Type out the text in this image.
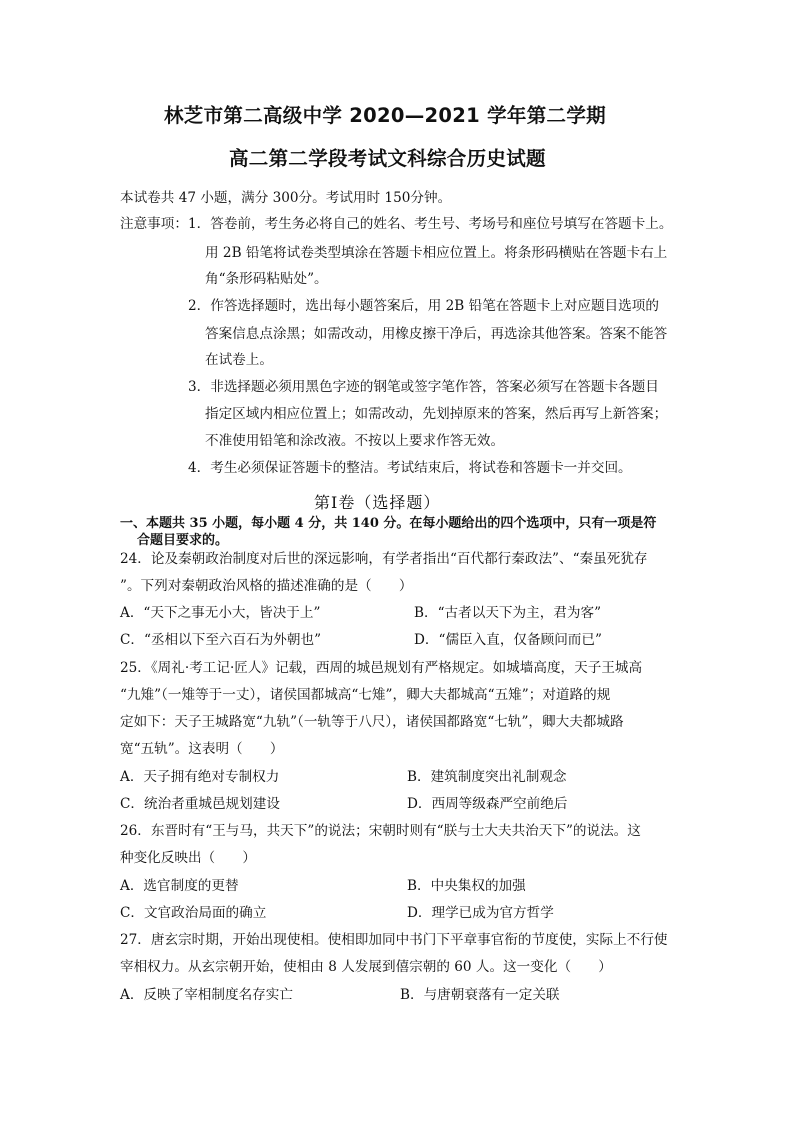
林芝市第二高级中学 2020—2021 学年第二学期
高二第二学段考试文科综合历史试题
本试卷共 47 小题，满分 300分。考试用时 150分钟。
注意事项： 1．答卷前，考生务必将自己的姓名、考生号、考场号和座位号填写在答题卡上。
用 2B 铅笔将试卷类型填涂在答题卡相应位置上。将条形码横贴在答题卡右上
角“条形码粘贴处”。
2．作答选择题时，选出每小题答案后，用 2B 铅笔在答题卡上对应题目选项的
答案信息点涂黑；如需改动，用橡皮擦干净后，再选涂其他答案。答案不能答
在试卷上。
3．非选择题必须用黑色字迹的钢笔或签字笔作答，答案必须写在答题卡各题目
指定区域内相应位置上；如需改动，先划掉原来的答案，然后再写上新答案；
不准使用铅笔和涂改液。不按以上要求作答无效。
4．考生必须保证答题卡的整洁。考试结束后，将试卷和答题卡一并交回。
第Ⅰ卷（选择题）
一、本题共 35 小题，每小题 4 分，共 140 分。在每小题给出的四个选项中，只有一项是符
合题目要求的。
24．论及秦朝政治制度对后世的深远影响，有学者指出“百代都行秦政法”、“秦虽死犹存
”。下列对秦朝政治风格的描述准确的是（　　）
A．“天下之事无小大，皆决于上”	B．“古者以天下为主，君为客”
C．“丞相以下至六百石为外朝也”	D．“儒臣入直，仅备顾问而已”
25．《周礼·考工记·匠人》记载，西周的城邑规划有严格规定。如城墙高度，天子王城高
“九雉”（一雉等于一丈），诸侯国都城高“七雉”，卿大夫都城高“五雉”；对道路的规
定如下：天子王城路宽“九轨”（一轨等于八尺），诸侯国都路宽“七轨”，卿大夫都城路
宽“五轨”。这表明（　　）
A．天子拥有绝对专制权力	B．建筑制度突出礼制观念
C．统治者重城邑规划建设	D．西周等级森严空前绝后
26．东晋时有“王与马，共天下”的说法；宋朝时则有“朕与士大夫共治天下”的说法。这
种变化反映出（　　）
A．选官制度的更替	B．中央集权的加强
C．文官政治局面的确立	D．理学已成为官方哲学
27．唐玄宗时期，开始出现使相。使相即加同中书门下平章事官衔的节度使，实际上不行使
宰相权力。从玄宗朝开始，使相由 8 人发展到僖宗朝的 60 人。这一变化（　　）
A．反映了宰相制度名存实亡	B．与唐朝衰落有一定关联
